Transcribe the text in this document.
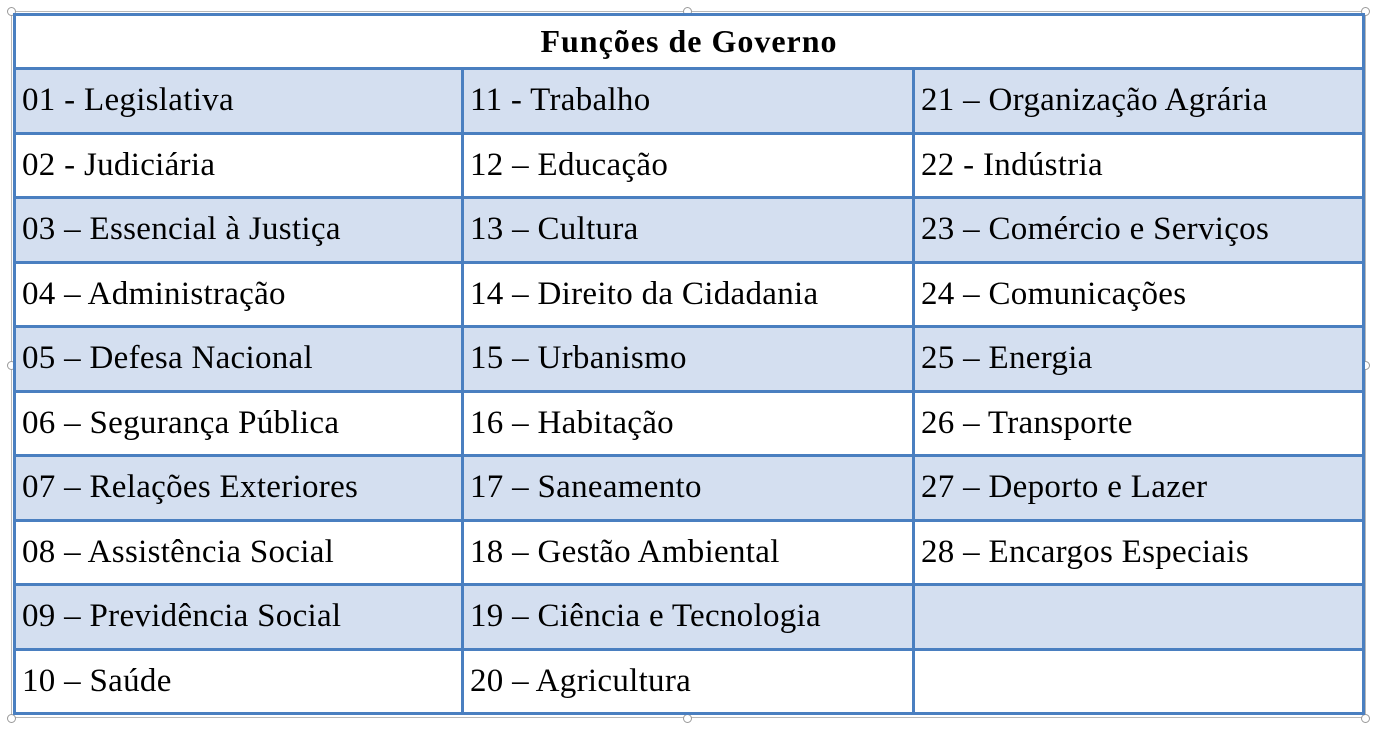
Funções de Governo		
01 - Legislativa	11 - Trabalho	21 – Organização Agrária
02 - Judiciária	12 – Educação	22 - Indústria
03 – Essencial à Justiça	13 – Cultura	23 – Comércio e Serviços
04 – Administração	14 – Direito da Cidadania	24 – Comunicações
05 – Defesa Nacional	15 – Urbanismo	25 – Energia
06 – Segurança Pública	16 – Habitação	26 – Transporte
07 – Relações Exteriores	17 – Saneamento	27 – Deporto e Lazer
08 – Assistência Social	18 – Gestão Ambiental	28 – Encargos Especiais
09 – Previdência Social	19 – Ciência e Tecnologia	
10 – Saúde	20 – Agricultura	
